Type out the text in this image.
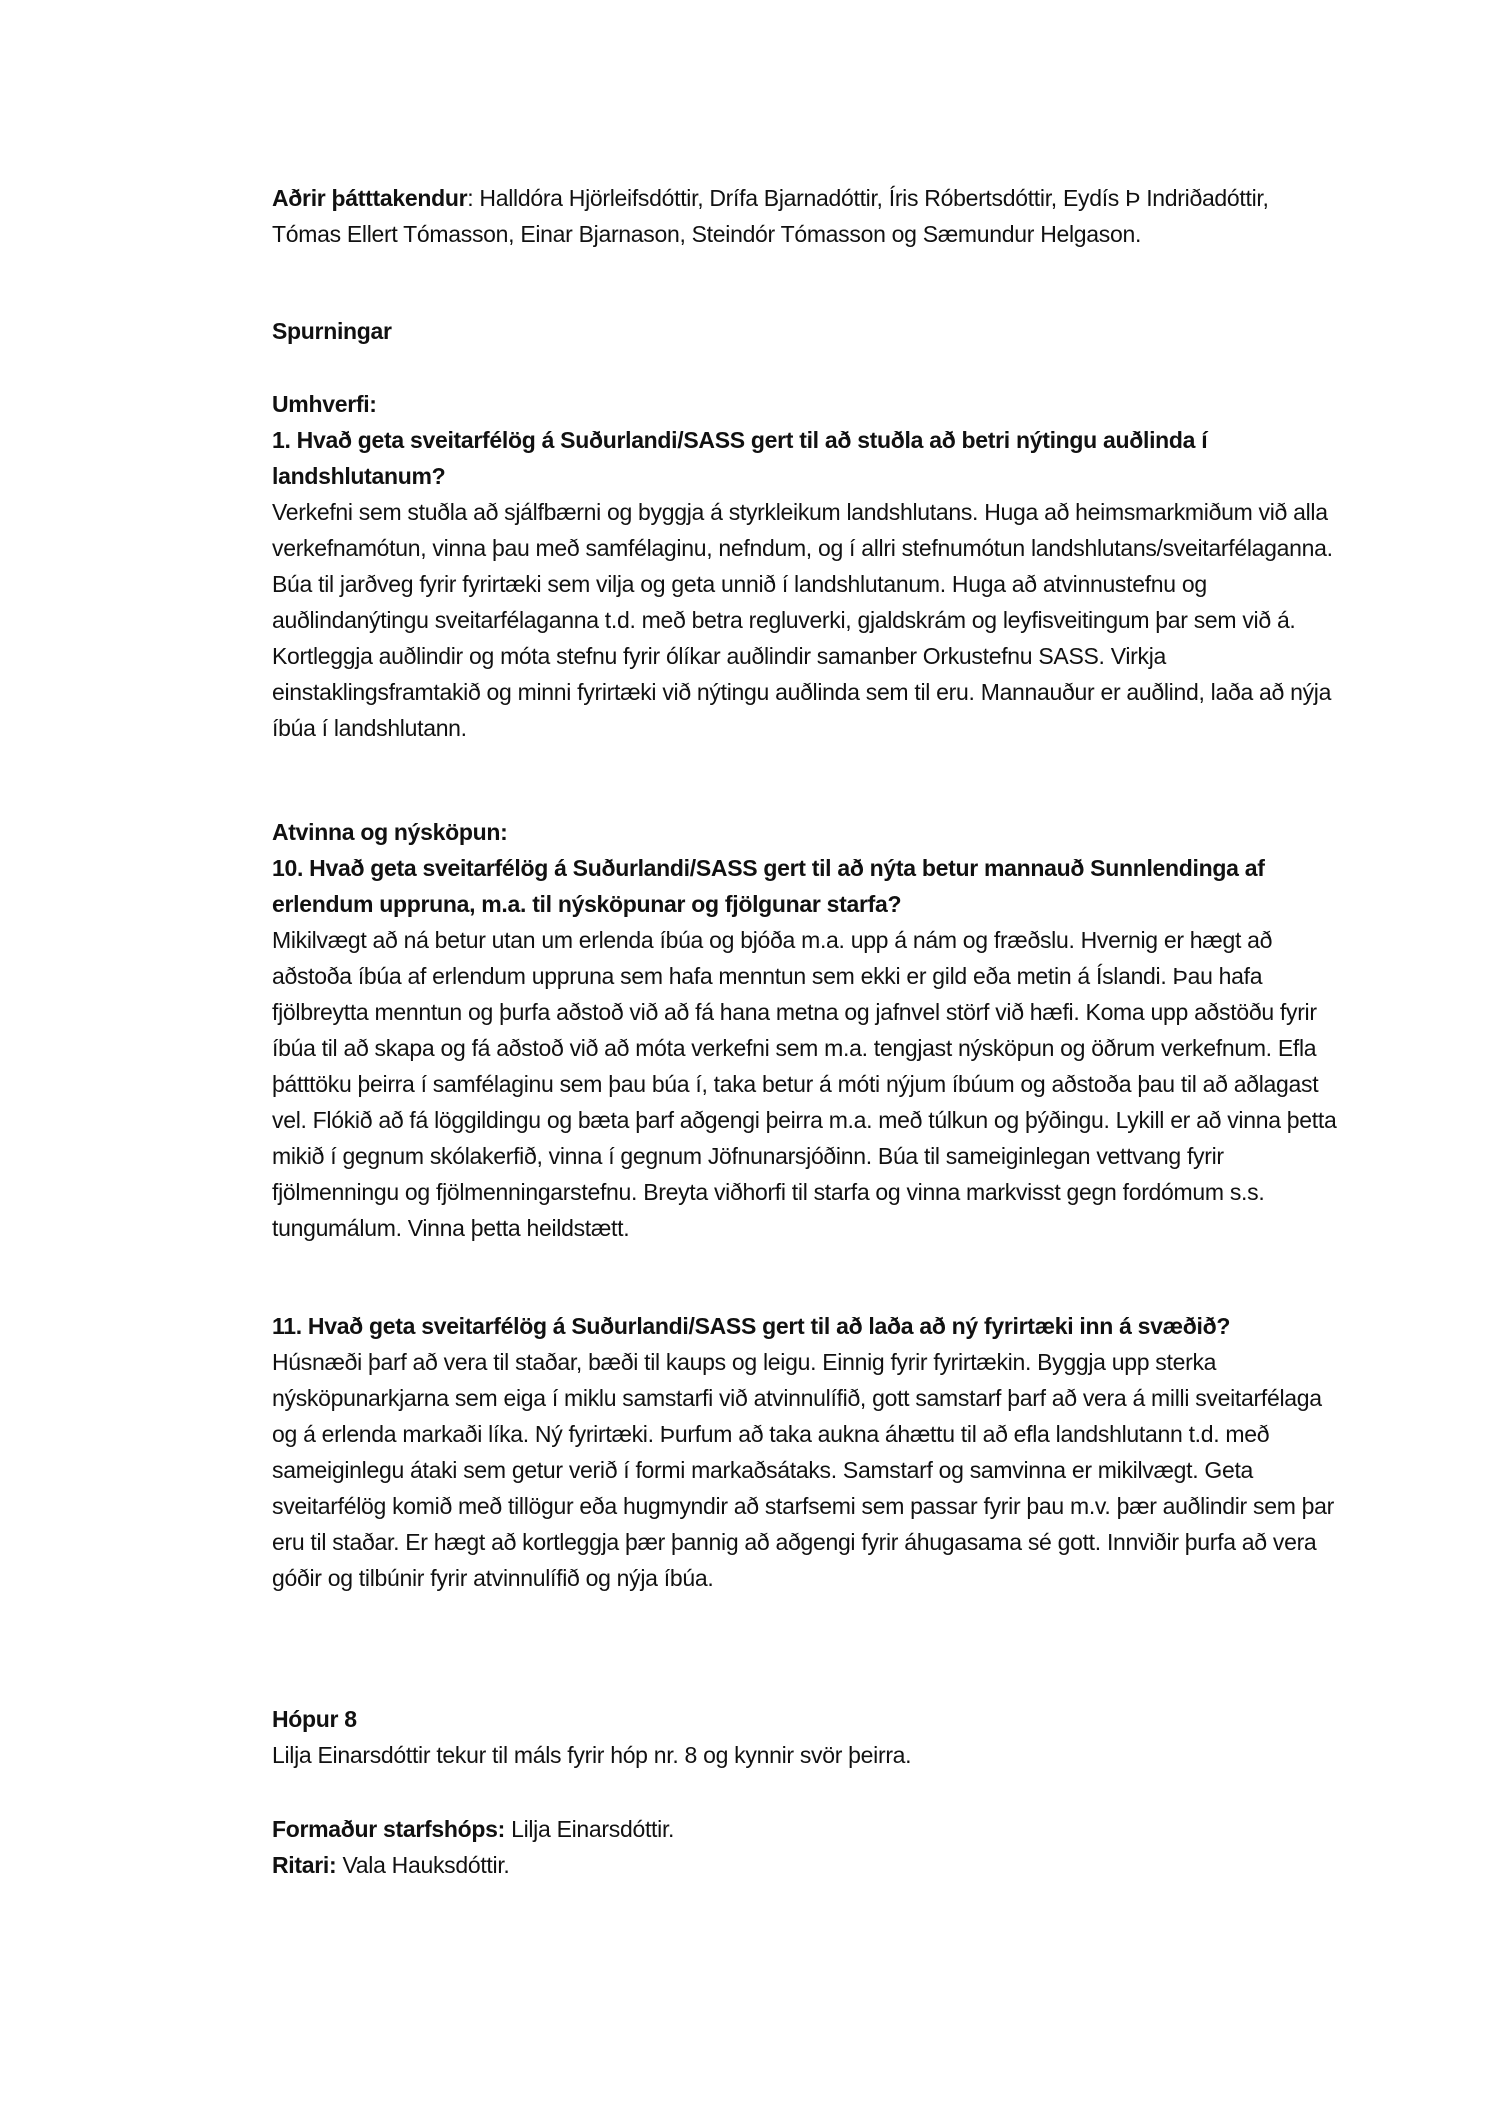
Aðrir þátttakendur: Halldóra Hjörleifsdóttir, Drífa Bjarnadóttir, Íris Róbertsdóttir, Eydís Þ Indriðadóttir, Tómas Ellert Tómasson, Einar Bjarnason, Steindór Tómasson og Sæmundur Helgason.

Spurningar

Umhverfi:

1. Hvað geta sveitarfélög á Suðurlandi/SASS gert til að stuðla að betri nýtingu auðlinda í landshlutanum?

Verkefni sem stuðla að sjálfbærni og byggja á styrkleikum landshlutans. Huga að heimsmarkmiðum við alla verkefnamótun, vinna þau með samfélaginu, nefndum, og í allri stefnumótun landshlutans/sveitarfélaganna. Búa til jarðveg fyrir fyrirtæki sem vilja og geta unnið í landshlutanum. Huga að atvinnustefnu og auðlindanýtingu sveitarfélaganna t.d. með betra regluverki, gjaldskrám og leyfisveitingum þar sem við á. Kortleggja auðlindir og móta stefnu fyrir ólíkar auðlindir samanber Orkustefnu SASS. Virkja einstaklingsframtakið og minni fyrirtæki við nýtingu auðlinda sem til eru. Mannauður er auðlind, laða að nýja íbúa í landshlutann.

Atvinna og nýsköpun:

10. Hvað geta sveitarfélög á Suðurlandi/SASS gert til að nýta betur mannauð Sunnlendinga af erlendum uppruna, m.a. til nýsköpunar og fjölgunar starfa?

Mikilvægt að ná betur utan um erlenda íbúa og bjóða m.a. upp á nám og fræðslu. Hvernig er hægt að aðstoða íbúa af erlendum uppruna sem hafa menntun sem ekki er gild eða metin á Íslandi. Þau hafa fjölbreytta menntun og þurfa aðstoð við að fá hana metna og jafnvel störf við hæfi. Koma upp aðstöðu fyrir íbúa til að skapa og fá aðstoð við að móta verkefni sem m.a. tengjast nýsköpun og öðrum verkefnum. Efla þátttöku þeirra í samfélaginu sem þau búa í, taka betur á móti nýjum íbúum og aðstoða þau til að aðlagast vel. Flókið að fá löggildingu og bæta þarf aðgengi þeirra m.a. með túlkun og þýðingu. Lykill er að vinna þetta mikið í gegnum skólakerfið, vinna í gegnum Jöfnunarsjóðinn. Búa til sameiginlegan vettvang fyrir fjölmenningu og fjölmenningarstefnu. Breyta viðhorfi til starfa og vinna markvisst gegn fordómum s.s. tungumálum. Vinna þetta heildstætt.

11. Hvað geta sveitarfélög á Suðurlandi/SASS gert til að laða að ný fyrirtæki inn á svæðið?

Húsnæði þarf að vera til staðar, bæði til kaups og leigu. Einnig fyrir fyrirtækin. Byggja upp sterka nýsköpunarkjarna sem eiga í miklu samstarfi við atvinnulífið, gott samstarf þarf að vera á milli sveitarfélaga og á erlenda markaði líka. Ný fyrirtæki. Þurfum að taka aukna áhættu til að efla landshlutann t.d. með sameiginlegu átaki sem getur verið í formi markaðsátaks. Samstarf og samvinna er mikilvægt. Geta sveitarfélög komið með tillögur eða hugmyndir að starfsemi sem passar fyrir þau m.v. þær auðlindir sem þar eru til staðar. Er hægt að kortleggja þær þannig að aðgengi fyrir áhugasama sé gott. Innviðir þurfa að vera góðir og tilbúnir fyrir atvinnulífið og nýja íbúa.

Hópur 8

Lilja Einarsdóttir tekur til máls fyrir hóp nr. 8 og kynnir svör þeirra.

Formaður starfshóps: Lilja Einarsdóttir.

Ritari: Vala Hauksdóttir.
